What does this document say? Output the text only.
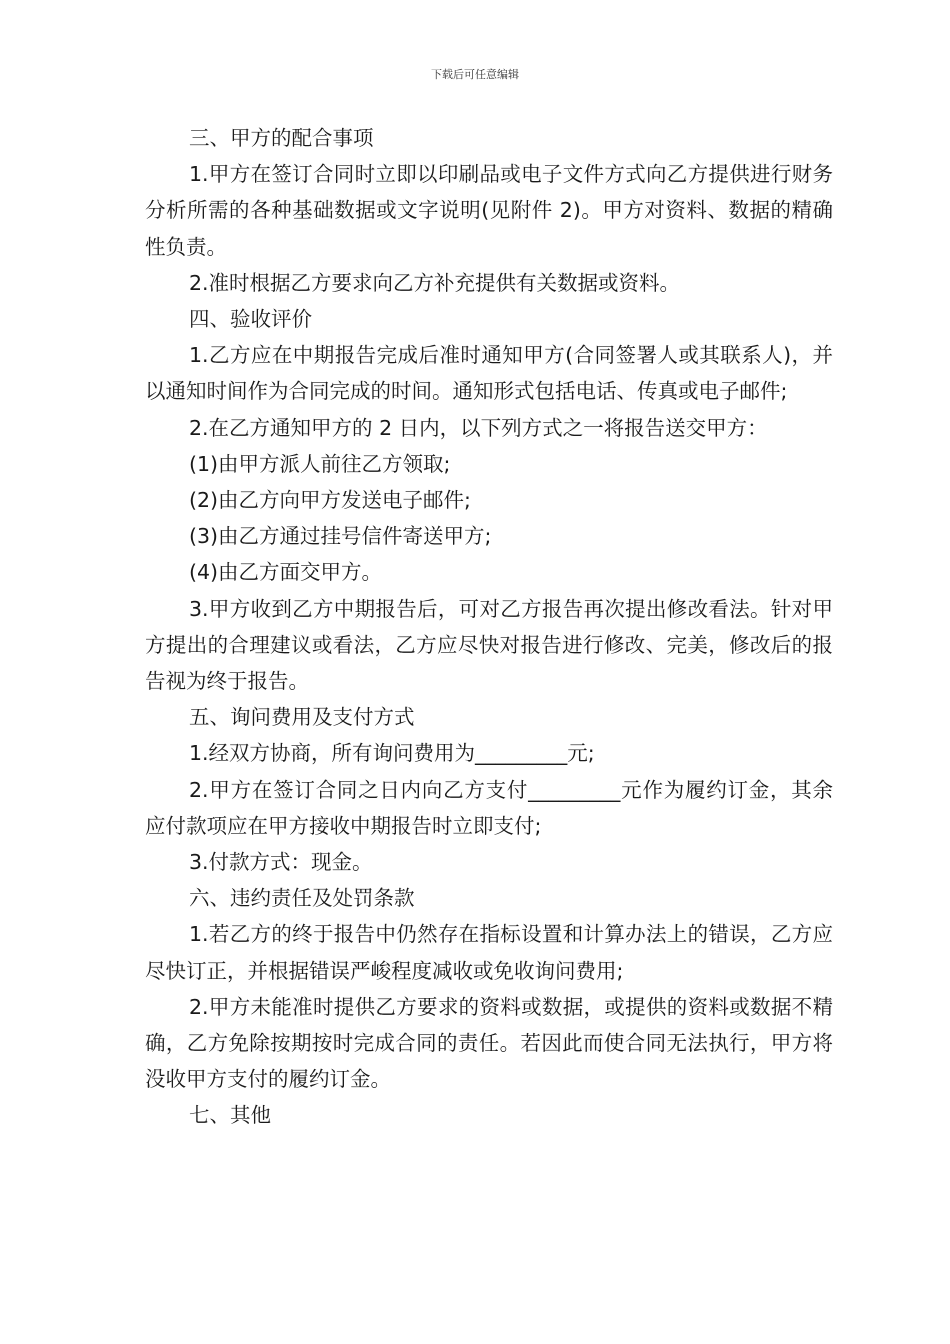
下载后可任意编辑

三、甲方的配合事项

1.甲方在签订合同时立即以印刷品或电子文件方式向乙方提供进行财务分析所需的各种基础数据或文字说明(见附件 2)。甲方对资料、数据的精确性负责。

2.准时根据乙方要求向乙方补充提供有关数据或资料。

四、验收评价

1.乙方应在中期报告完成后准时通知甲方(合同签署人或其联系人)，并以通知时间作为合同完成的时间。通知形式包括电话、传真或电子邮件;

2.在乙方通知甲方的 2 日内，以下列方式之一将报告送交甲方：

(1)由甲方派人前往乙方领取;

(2)由乙方向甲方发送电子邮件;

(3)由乙方通过挂号信件寄送甲方;

(4)由乙方面交甲方。

3.甲方收到乙方中期报告后，可对乙方报告再次提出修改看法。针对甲方提出的合理建议或看法，乙方应尽快对报告进行修改、完美，修改后的报告视为终于报告。

五、询问费用及支付方式

1.经双方协商，所有询问费用为_________元;

2.甲方在签订合同之日内向乙方支付_________元作为履约订金，其余应付款项应在甲方接收中期报告时立即支付;

3.付款方式：现金。

六、违约责任及处罚条款

1.若乙方的终于报告中仍然存在指标设置和计算办法上的错误，乙方应尽快订正，并根据错误严峻程度减收或免收询问费用;

2.甲方未能准时提供乙方要求的资料或数据，或提供的资料或数据不精确，乙方免除按期按时完成合同的责任。若因此而使合同无法执行，甲方将没收甲方支付的履约订金。

七、其他
